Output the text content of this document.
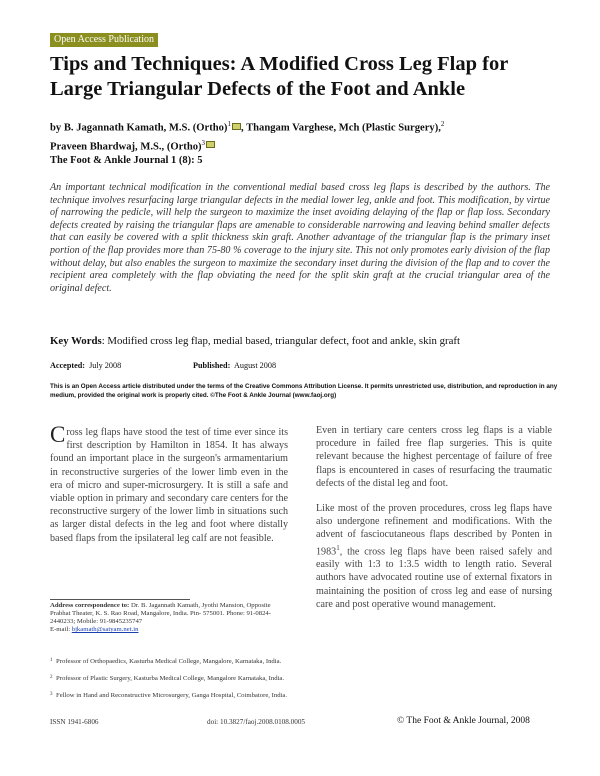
Open Access Publication
Tips and Techniques: A Modified Cross Leg Flap for Large Triangular Defects of the Foot and Ankle
by B. Jagannath Kamath, M.S. (Ortho)$^1$ , Thangam Varghese, Mch (Plastic Surgery),$^2$
Praveen Bhardwaj, M.S., (Ortho)$^3$
The Foot & Ankle Journal 1 (8): 5

An important technical modification in the conventional medial based cross leg flaps is described by the authors. The technique involves resurfacing large triangular defects in the medial lower leg, ankle and foot. This modification, by virtue of narrowing the pedicle, will help the surgeon to maximize the inset avoiding delaying of the flap or flap loss. Secondary defects created by raising the triangular flaps are amenable to considerable narrowing and leaving behind smaller defects that can easily be covered with a split thickness skin graft. Another advantage of the triangular flap is the primary inset portion of the flap provides more than 75-80 % coverage to the injury site. This not only promotes early division of the flap without delay, but also enables the surgeon to maximize the secondary inset during the division of the flap and to cover the recipient area completely with the flap obviating the need for the split skin graft at the crucial triangular area of the original defect.

Key Words: Modified cross leg flap, medial based, triangular defect, foot and ankle, skin graft
Accepted: July 2008	Published: August 2008

This is an Open Access article distributed under the terms of the Creative Commons Attribution License. It permits unrestricted use, distribution, and reproduction in any medium, provided the original work is properly cited. ©The Foot & Ankle Journal (www.faoj.org)

Cross leg flaps have stood the test of time ever since its first description by Hamilton in 1854. It has always found an important place in the surgeon's armamentarium in reconstructive surgeries of the lower limb even in the era of micro and super-microsurgery. It is still a safe and viable option in primary and secondary care centers for the reconstructive surgery of the lower limb in situations such as larger distal defects in the leg and foot where distally based flaps from the ipsilateral leg calf are not feasible.

Even in tertiary care centers cross leg flaps is a viable procedure in failed free flap surgeries. This is quite relevant because the highest percentage of failure of free flaps is encountered in cases of resurfacing the traumatic defects of the distal leg and foot.

Like most of the proven procedures, cross leg flaps have also undergone refinement and modifications. With the advent of fasciocutaneous flaps described by Ponten in 1983$^1$, the cross leg flaps have been raised safely and easily with 1:3 to 1:3.5 width to length ratio. Several authors have advocated routine use of external fixators in maintaining the position of cross leg and ease of nursing care and post operative wound management.

Address correspondence to: Dr. B. Jagannath Kamath, Jyothi Mansion, Opposite Prabhat Theater, K. S. Rao Road, Mangalore, India. Pin- 575001. Phone: 91-0824-2440233; Mobile: 91-9845235747
E-mail: bjkamath@satyam.net.in
1 Professor of Orthopaedics, Kasturba Medical College, Mangalore, Karnataka, India.
2 Professor of Plastic Surgery, Kasturba Medical College, Mangalore Karnataka, India.
3 Fellow in Hand and Reconstructive Microsurgery, Ganga Hospital, Coimbatore, India.
ISSN 1941-6806	doi: 10.3827/faoj.2008.0108.0005	© The Foot & Ankle Journal, 2008
